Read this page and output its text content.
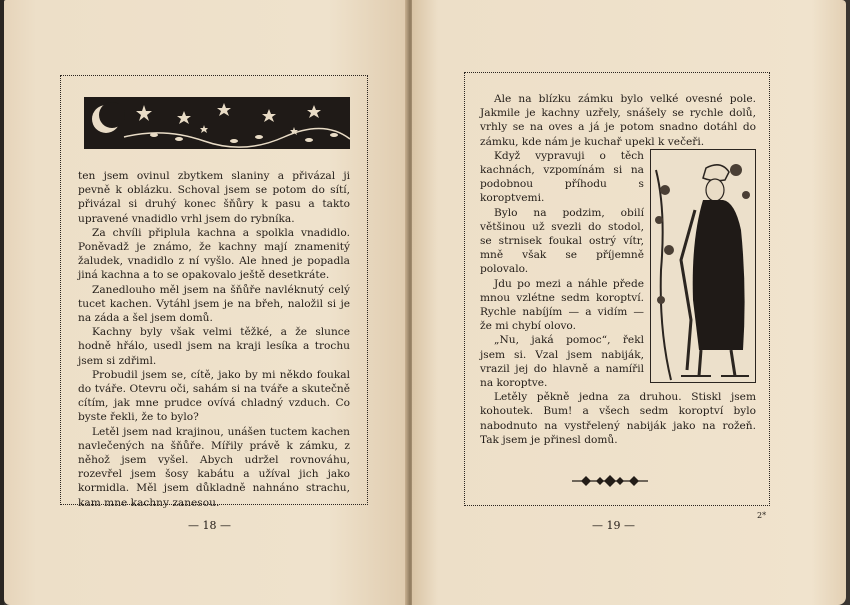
ten jsem ovinul zbytkem slaniny a přivázal ji pevně k oblázku. Schoval jsem se potom do sítí, přivázal si druhý konec šňůry k pasu a takto upravené vnadidlo vrhl jsem do rybníka.

Za chvíli připlula kachna a spolkla vnadidlo. Poněvadž je známo, že kachny mají znamenitý žaludek, vnadidlo z ní vyšlo. Ale hned je popadla jiná kachna a to se opakovalo ještě desetkráte.

Zanedlouho měl jsem na šňůře navléknutý celý tucet kachen. Vytáhl jsem je na břeh, naložil si je na záda a šel jsem domů.

Kachny byly však velmi těžké, a že slunce hodně hřálo, usedl jsem na kraji lesíka a trochu jsem si zdřiml.

Probudil jsem se, cítě, jako by mi někdo foukal do tváře. Otevru oči, sahám si na tváře a skutečně cítím, jak mne prudce ovívá chladný vzduch. Co byste řekli, že to bylo?

Letěl jsem nad krajinou, unášen tuctem kachen navlečených na šňůře. Mířily právě k zámku, z něhož jsem vyšel. Abych udržel rovnováhu, rozevřel jsem šosy kabátu a užíval jich jako kormidla. Měl jsem důkladně nahnáno strachu, kam mne kachny zanesou.

— 18 —

Ale na blízku zámku bylo velké ovesné pole. Jakmile je kachny uzřely, snášely se rychle dolů, vrhly se na oves a já je potom snadno dotáhl do zámku, kde nám je kuchař upekl k večeři.

Když vypravuji o těch kachnách, vzpomínám si na podobnou příhodu s koroptvemi.

Bylo na podzim, obilí většinou už svezli do stodol, se strnisek foukal ostrý vítr, mně však se příjemně polovalo.

Jdu po mezi a náhle přede mnou vzlétne sedm koroptví. Rychle nabíjím — a vidím — že mi chybí olovo.

„Nu, jaká pomoc“, řekl jsem si. Vzal jsem nabiják, vrazil jej do hlavně a namířil na koroptve.

Letěly pěkně jedna za druhou. Stiskl jsem kohoutek. Bum! a všech sedm koroptví bylo nabodnuto na vystřelený nabiják jako na rožeň. Tak jsem je přinesl domů.

— 19 —
2*
